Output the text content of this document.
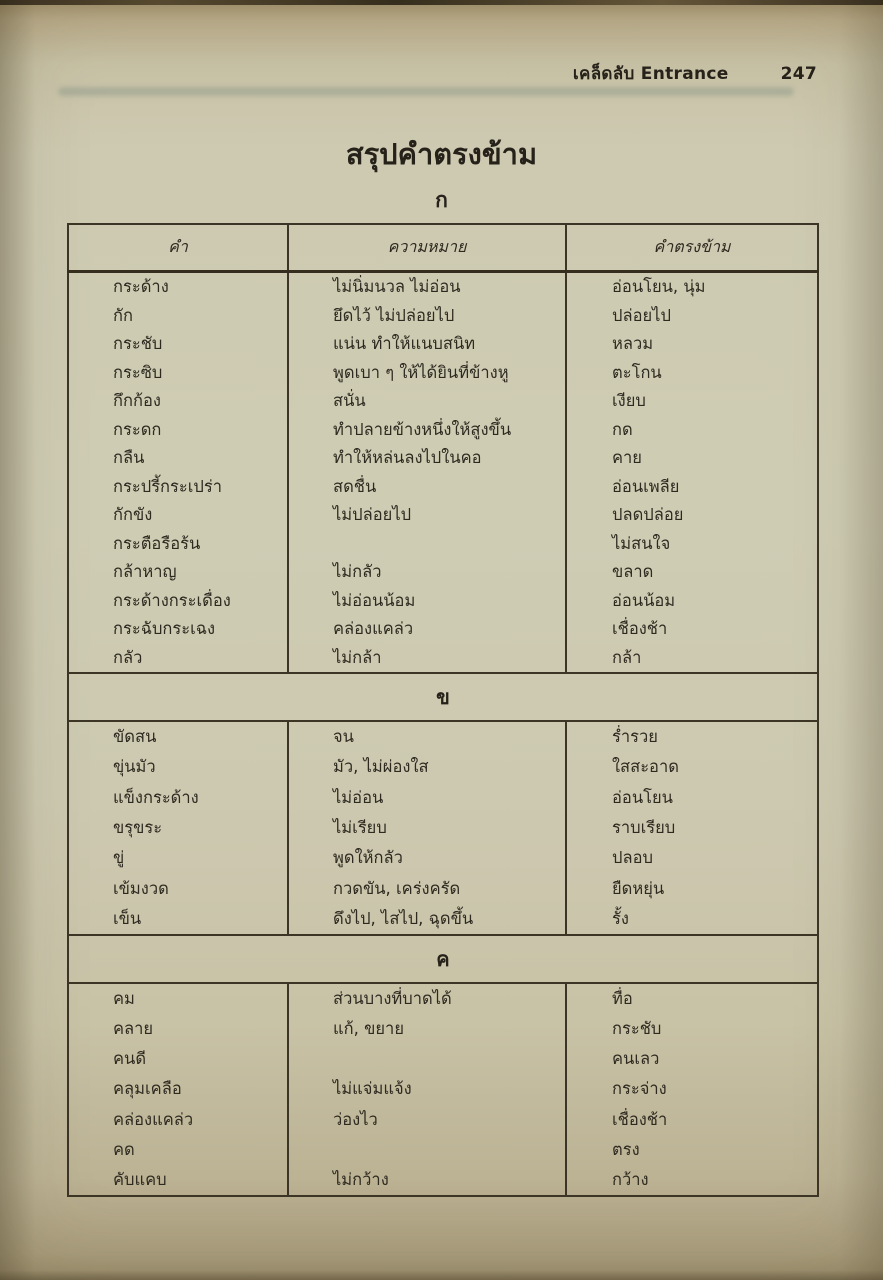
เคล็ดลับ Entrance	247
สรุปคำตรงข้าม
ก
คำ	ความหมาย	คำตรงข้าม
กระด้าง	ไม่นิ่มนวล ไม่อ่อน	อ่อนโยน, นุ่ม
กัก	ยึดไว้ ไม่ปล่อยไป	ปล่อยไป
กระชับ	แน่น ทำให้แนบสนิท	หลวม
กระซิบ	พูดเบา ๆ ให้ได้ยินที่ข้างหู	ตะโกน
กึกก้อง	สนั่น	เงียบ
กระดก	ทำปลายข้างหนึ่งให้สูงขึ้น	กด
กลืน	ทำให้หล่นลงไปในคอ	คาย
กระปรี้กระเปร่า	สดชื่น	อ่อนเพลีย
กักขัง	ไม่ปล่อยไป	ปลดปล่อย
กระตือรือร้น		ไม่สนใจ
กล้าหาญ	ไม่กลัว	ขลาด
กระด้างกระเดื่อง	ไม่อ่อนน้อม	อ่อนน้อม
กระฉับกระเฉง	คล่องแคล่ว	เชื่องช้า
กลัว	ไม่กล้า	กล้า
ข		
ขัดสน	จน	ร่ำรวย
ขุ่นมัว	มัว, ไม่ผ่องใส	ใสสะอาด
แข็งกระด้าง	ไม่อ่อน	อ่อนโยน
ขรุขระ	ไม่เรียบ	ราบเรียบ
ขู่	พูดให้กลัว	ปลอบ
เข้มงวด	กวดขัน, เคร่งครัด	ยืดหยุ่น
เข็น	ดึงไป, ไสไป, ฉุดขึ้น	รั้ง
ค		
คม	ส่วนบางที่บาดได้	ทื่อ
คลาย	แก้, ขยาย	กระชับ
คนดี		คนเลว
คลุมเคลือ	ไม่แจ่มแจ้ง	กระจ่าง
คล่องแคล่ว	ว่องไว	เชื่องช้า
คด		ตรง
คับแคบ	ไม่กว้าง	กว้าง
